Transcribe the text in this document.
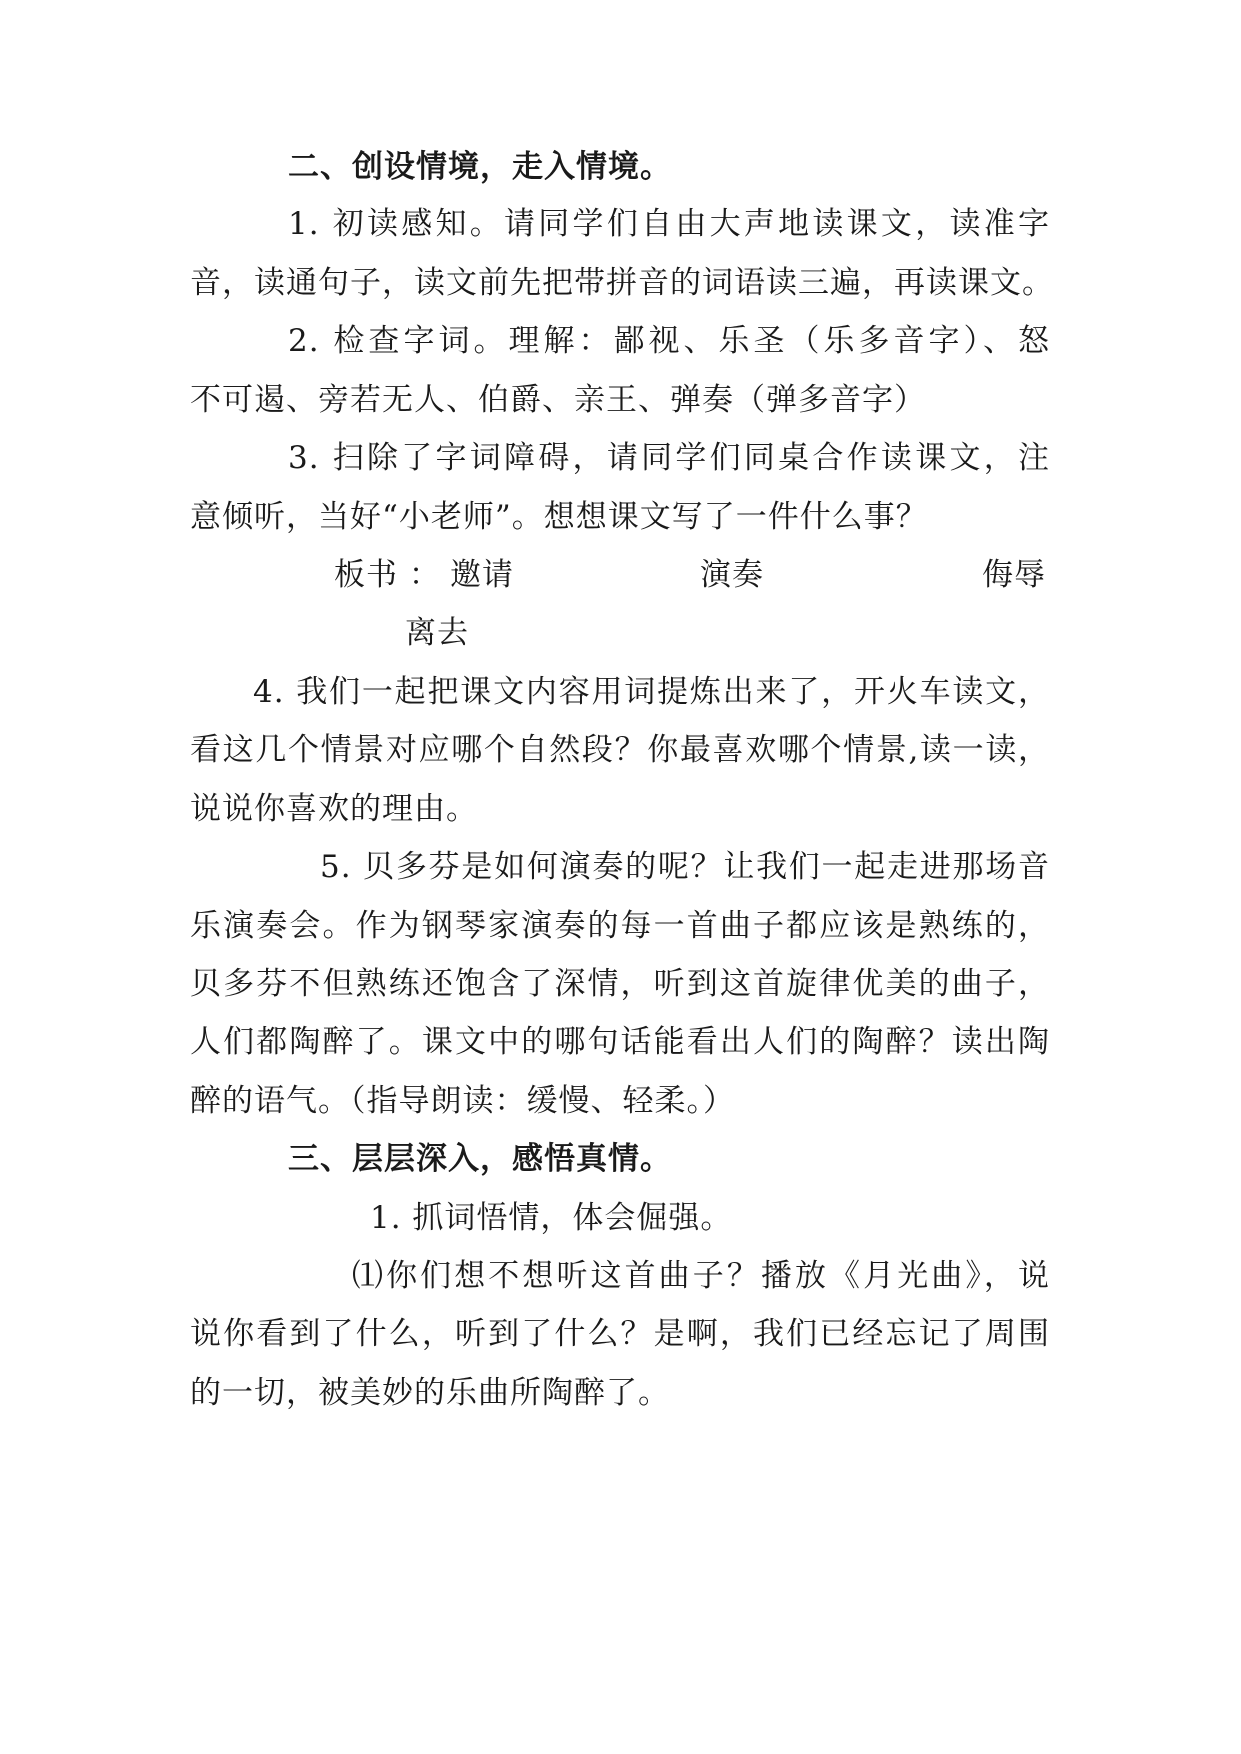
二、创设情境，走入情境。
1. 初读感知。请同学们自由大声地读课文，读准字
音，读通句子，读文前先把带拼音的词语读三遍，再读课文。
2. 检查字词。理解：鄙视、乐圣（乐多音字）、怒
不可遏、旁若无人、伯爵、亲王、弹奏（弹多音字）
3. 扫除了字词障碍，请同学们同桌合作读课文，注
意倾听，当好“小老师”。想想课文写了一件什么事？
板书 ： 邀请	演奏	侮辱
离去
4. 我们一起把课文内容用词提炼出来了，开火车读文，
看这几个情景对应哪个自然段？你最喜欢哪个情景,读一读，
说说你喜欢的理由。
5. 贝多芬是如何演奏的呢？让我们一起走进那场音
乐演奏会。作为钢琴家演奏的每一首曲子都应该是熟练的，
贝多芬不但熟练还饱含了深情，听到这首旋律优美的曲子，
人们都陶醉了。课文中的哪句话能看出人们的陶醉？读出陶
醉的语气。（指导朗读：缓慢、轻柔。）
三、层层深入，感悟真情。
1. 抓词悟情，体会倔强。
⑴你们想不想听这首曲子？播放《月光曲》，说
说你看到了什么，听到了什么？是啊，我们已经忘记了周围
的一切，被美妙的乐曲所陶醉了。
